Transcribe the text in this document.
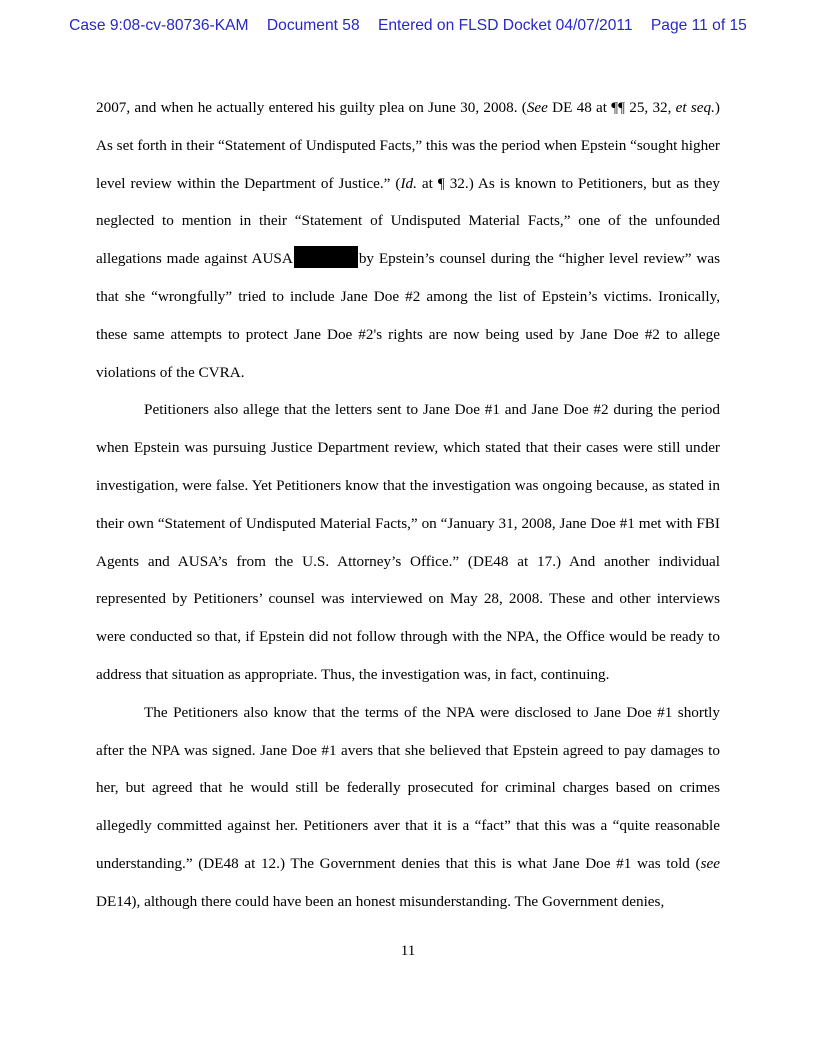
Case 9:08-cv-80736-KAM Document 58 Entered on FLSD Docket 04/07/2011 Page 11 of 15

2007, and when he actually entered his guilty plea on June 30, 2008. (See DE 48 at ¶¶ 25, 32, et seq.) As set forth in their “Statement of Undisputed Facts,” this was the period when Epstein “sought higher level review within the Department of Justice.” (Id. at ¶ 32.) As is known to Petitioners, but as they neglected to mention in their “Statement of Undisputed Material Facts,” one of the unfounded allegations made against AUSA	by Epstein’s counsel during the “higher level review” was that she “wrongfully” tried to include Jane Doe #2 among the list of Epstein’s victims. Ironically, these same attempts to protect Jane Doe #2's rights are now being used by Jane Doe #2 to allege violations of the CVRA.

Petitioners also allege that the letters sent to Jane Doe #1 and Jane Doe #2 during the period when Epstein was pursuing Justice Department review, which stated that their cases were still under investigation, were false. Yet Petitioners know that the investigation was ongoing because, as stated in their own “Statement of Undisputed Material Facts,” on “January 31, 2008, Jane Doe #1 met with FBI Agents and AUSA’s from the U.S. Attorney’s Office.” (DE48 at 17.) And another individual represented by Petitioners’ counsel was interviewed on May 28, 2008. These and other interviews were conducted so that, if Epstein did not follow through with the NPA, the Office would be ready to address that situation as appropriate. Thus, the investigation was, in fact, continuing.

The Petitioners also know that the terms of the NPA were disclosed to Jane Doe #1 shortly after the NPA was signed. Jane Doe #1 avers that she believed that Epstein agreed to pay damages to her, but agreed that he would still be federally prosecuted for criminal charges based on crimes allegedly committed against her. Petitioners aver that it is a “fact” that this was a “quite reasonable understanding.” (DE48 at 12.) The Government denies that this is what Jane Doe #1 was told (see DE14), although there could have been an honest misunderstanding. The Government denies,

11
